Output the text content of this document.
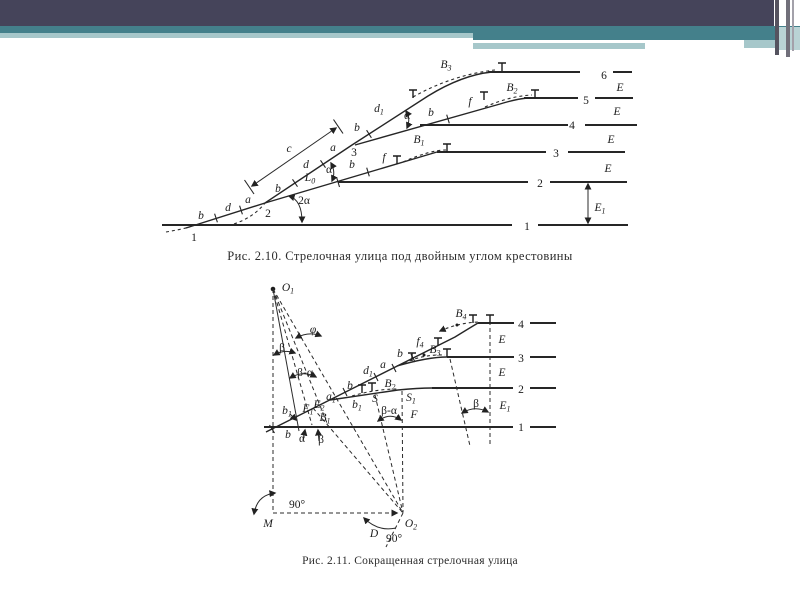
1
b
d
a
2
b
d
a 3
c
$L_0$
2α
α b
f
$B_1$
b
$d_1$ α b
f
$B_2$
$B_3$
6
E
5
E
4
E
3
E
2
$E_1$
1
$O_1$
φ
β
β-α
$b_1$ $E_1$
$E_2$
$B_1$
$a_1$
b α β
b
$d_1$
a
b
$f_4$
$B_4$
$B_3$
$B_2$
$b_1$
S $S_1$
F
β-α
β $E_1$
E
E
4
3
2
1
M
90°
$O_2$
D 90°
Рис. 2.10. Стрелочная улица под двойным углом крестовины
Рис. 2.11. Сокращенная стрелочная улица
